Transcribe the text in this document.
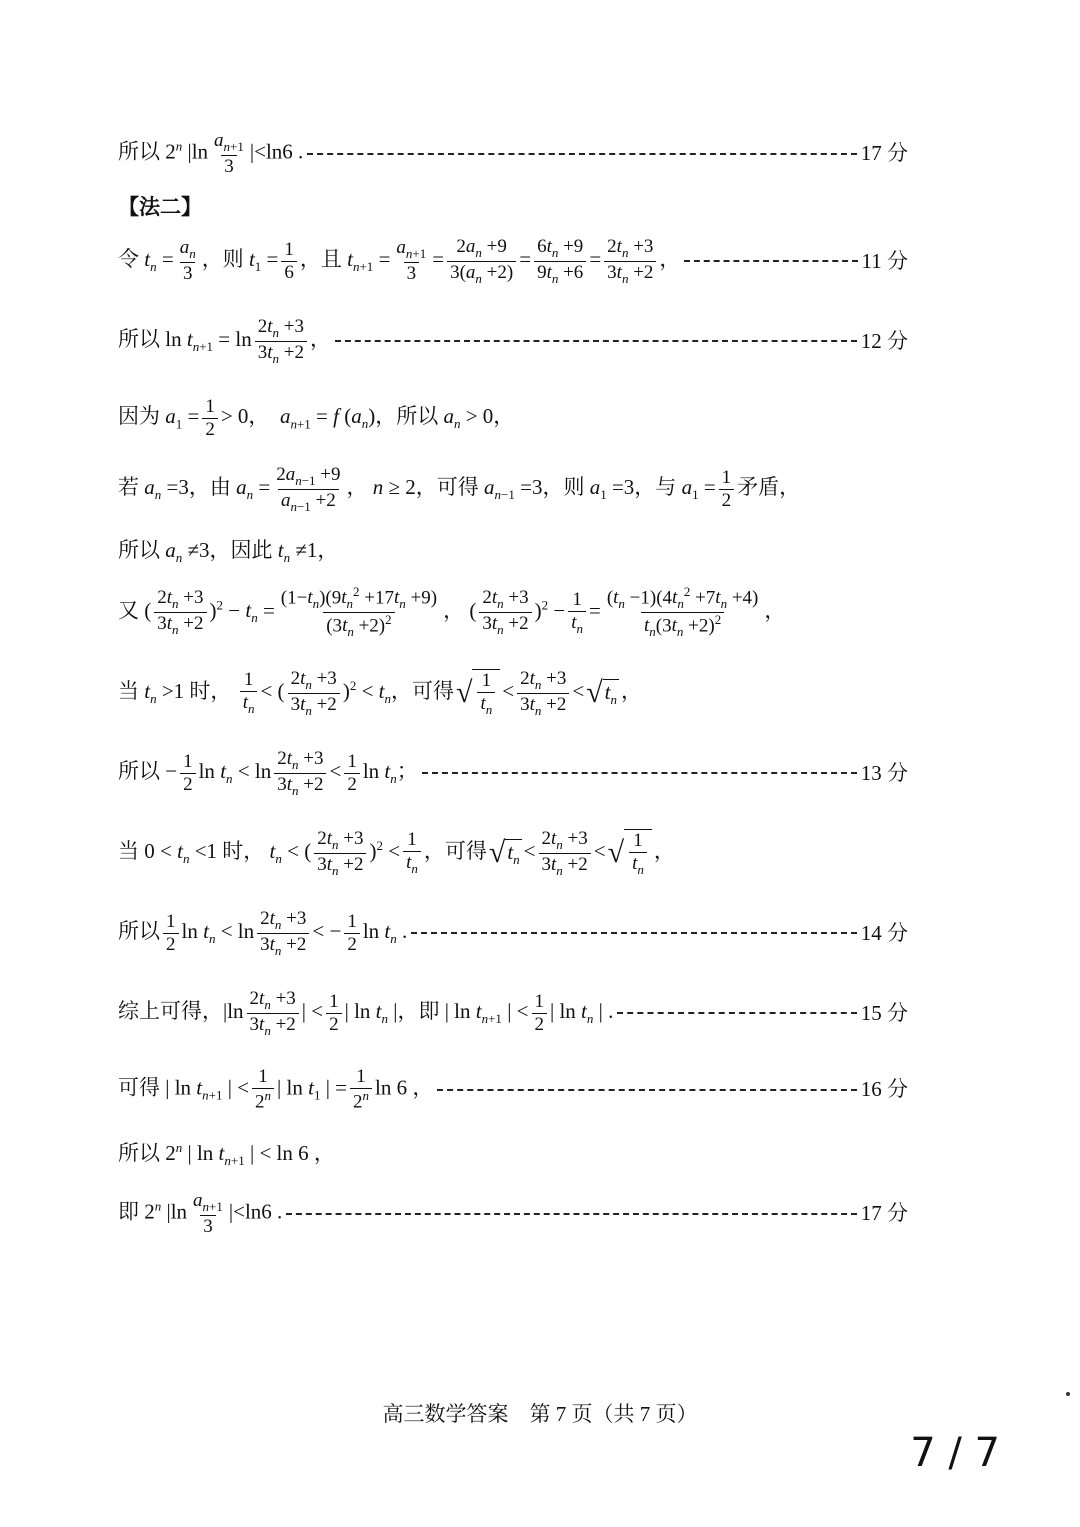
所以 2$^n$ $|\ln \frac{a_{n+1}}{3} |<\ln 6$ .	17 分
【法二】
令 $t_n = \frac{a_n}{3}$ ，则 $t_1 = \frac{1}{6}$ ，且 $t_{n+1} = \frac{a_{n+1}}{3} = \frac{2a_n +9}{3(a_n +2)} = \frac{6t_n +9}{9t_n +6} = \frac{2t_n +3}{3t_n +2}$ ，	11 分
所以 $\ln t_{n+1} = \ln \frac{2t_n +3}{3t_n +2}$ ，	12 分
因为 $a_1 = \frac{1}{2} > 0$，  $a_{n+1} = f$ $(a_n)$，所以 $a_n > 0$，
若 $a_n =3$，由 $a_n = \frac{2a_{n-1} +9}{a_{n-1} +2}$ ， n ≥ 2，可得 $a_{n-1} =3$，则 $a_1 =3$，与 $a_1 = \frac{1}{2}$ 矛盾，
所以 $a_n \ne 3$，因此 $t_n \ne 1$，
又 ( $\frac{2t_n +3}{3t_n +2} )^2 - t_n = \frac{(1-t_n)(9t_n^2 +17t_n +9)}{(3t_n +2)^2}$ ， ( $\frac{2t_n +3}{3t_n +2} )^2 - \frac{1}{t_n} = \frac{(t_n -1)(4t_n^2 +7t_n +4)}{t_n(3t_n +2)^2}$ ，
当 $t_n >1$ 时， $\frac{1}{t_n}$ < ( $\frac{2t_n +3}{3t_n +2} )^2 < t_n$，可得 √ $\frac{1}{t_n} < \frac{2t_n +3}{3t_n +2}$ < √ $t_n$ ，
所以 − $\frac{1}{2}$ $\ln t_n < \ln \frac{2t_n +3}{3t_n +2} < \frac{1}{2}$ $\ln t_n$；	13 分
当 $0 < t_n <1$ 时， $t_n$ < ( $\frac{2t_n +3}{3t_n +2} )^2 < \frac{1}{t_n}$ ，可得 √ $t_n < \frac{2t_n +3}{3t_n +2}$ < √ $\frac{1}{t_n}$ ，
所以 $\frac{1}{2}$ $\ln t_n < \ln \frac{2t_n +3}{3t_n +2}$ < − $\frac{1}{2}$ $\ln t_n$ .	14 分
综上可得，$|\ln \frac{2t_n +3}{3t_n +2}$ | < $\frac{1}{2}$ | $\ln t_n$ |，即 | $\ln t_{n+1}$ | < $\frac{1}{2}$ | $\ln t_n$ | .	15 分
可得 | $\ln t_{n+1}$ | < $\frac{1}{2^n}$ | $\ln t_1$ | = $\frac{1}{2^n}$ ln 6 ，	16 分
所以 2$^n$ | $\ln t_{n+1}$ | < ln 6 ，
即 2$^n$ $|\ln \frac{a_{n+1}}{3} |<\ln 6$ .	17 分
高三数学答案　第 7 页（共 7 页）
7 / 7
